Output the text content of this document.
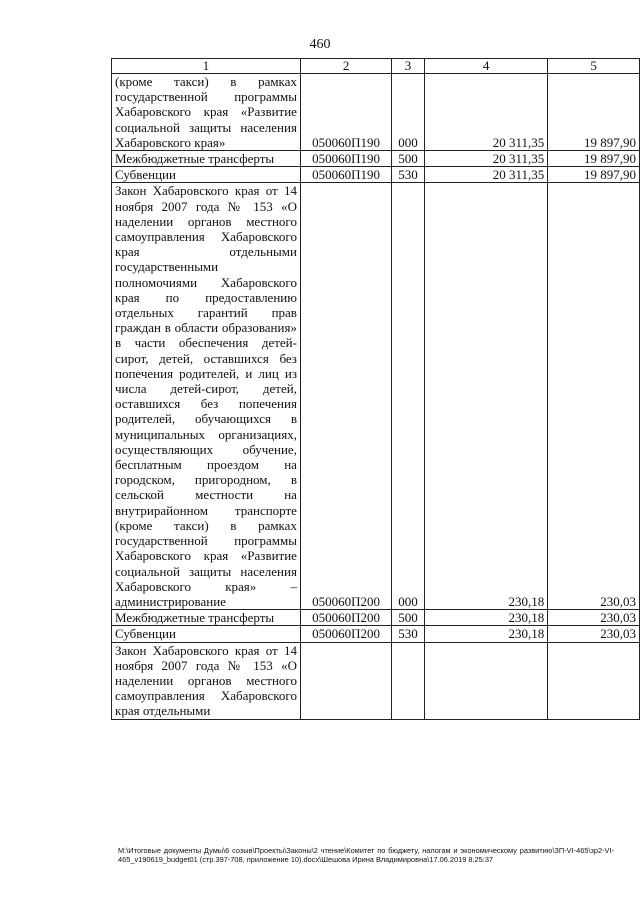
460
1	2	3	4	5
(кроме такси) в рамках государственной программы Хабаровского края «Развитие социальной защиты населения Хабаровского края»	050060П190	000	20 311,35	19 897,90
Межбюджетные трансферты	050060П190	500	20 311,35	19 897,90
Субвенции	050060П190	530	20 311,35	19 897,90
Закон Хабаровского края от 14 ноября 2007 года № 153 «О наделении органов местного самоуправления Хабаровского края отдельными государственными полномочиями Хабаровского края по предоставлению отдельных гарантий прав граждан в области образования» в части обеспечения детей-сирот, детей, оставшихся без попечения родителей, и лиц из числа детей-сирот, детей, оставшихся без попечения родителей, обучающихся в муниципальных организациях, осуществляющих обучение, бесплатным проездом на городском, пригородном, в сельской местности на внутрирайонном транспорте (кроме такси) в рамках государственной программы Хабаровского края «Развитие социальной защиты населения Хабаровского края» –администрирование	050060П200	000	230,18	230,03
Межбюджетные трансферты	050060П200	500	230,18	230,03
Субвенции	050060П200	530	230,18	230,03
Закон Хабаровского края от 14 ноября 2007 года № 153 «О наделении органов местного самоуправления Хабаровского края отдельными				
М:\Итоговые документы Думы\6 созыв\Проекты\Законы\2 чтение\Комитет по бюджету, налогам и экономическому развитию\ЗП-VI-465\зр2-VI-465_v190619_budget01 (стр.397-708, приложение 10).docx\Шешова Ирина Владимировна\17.06.2019 8:25:37
